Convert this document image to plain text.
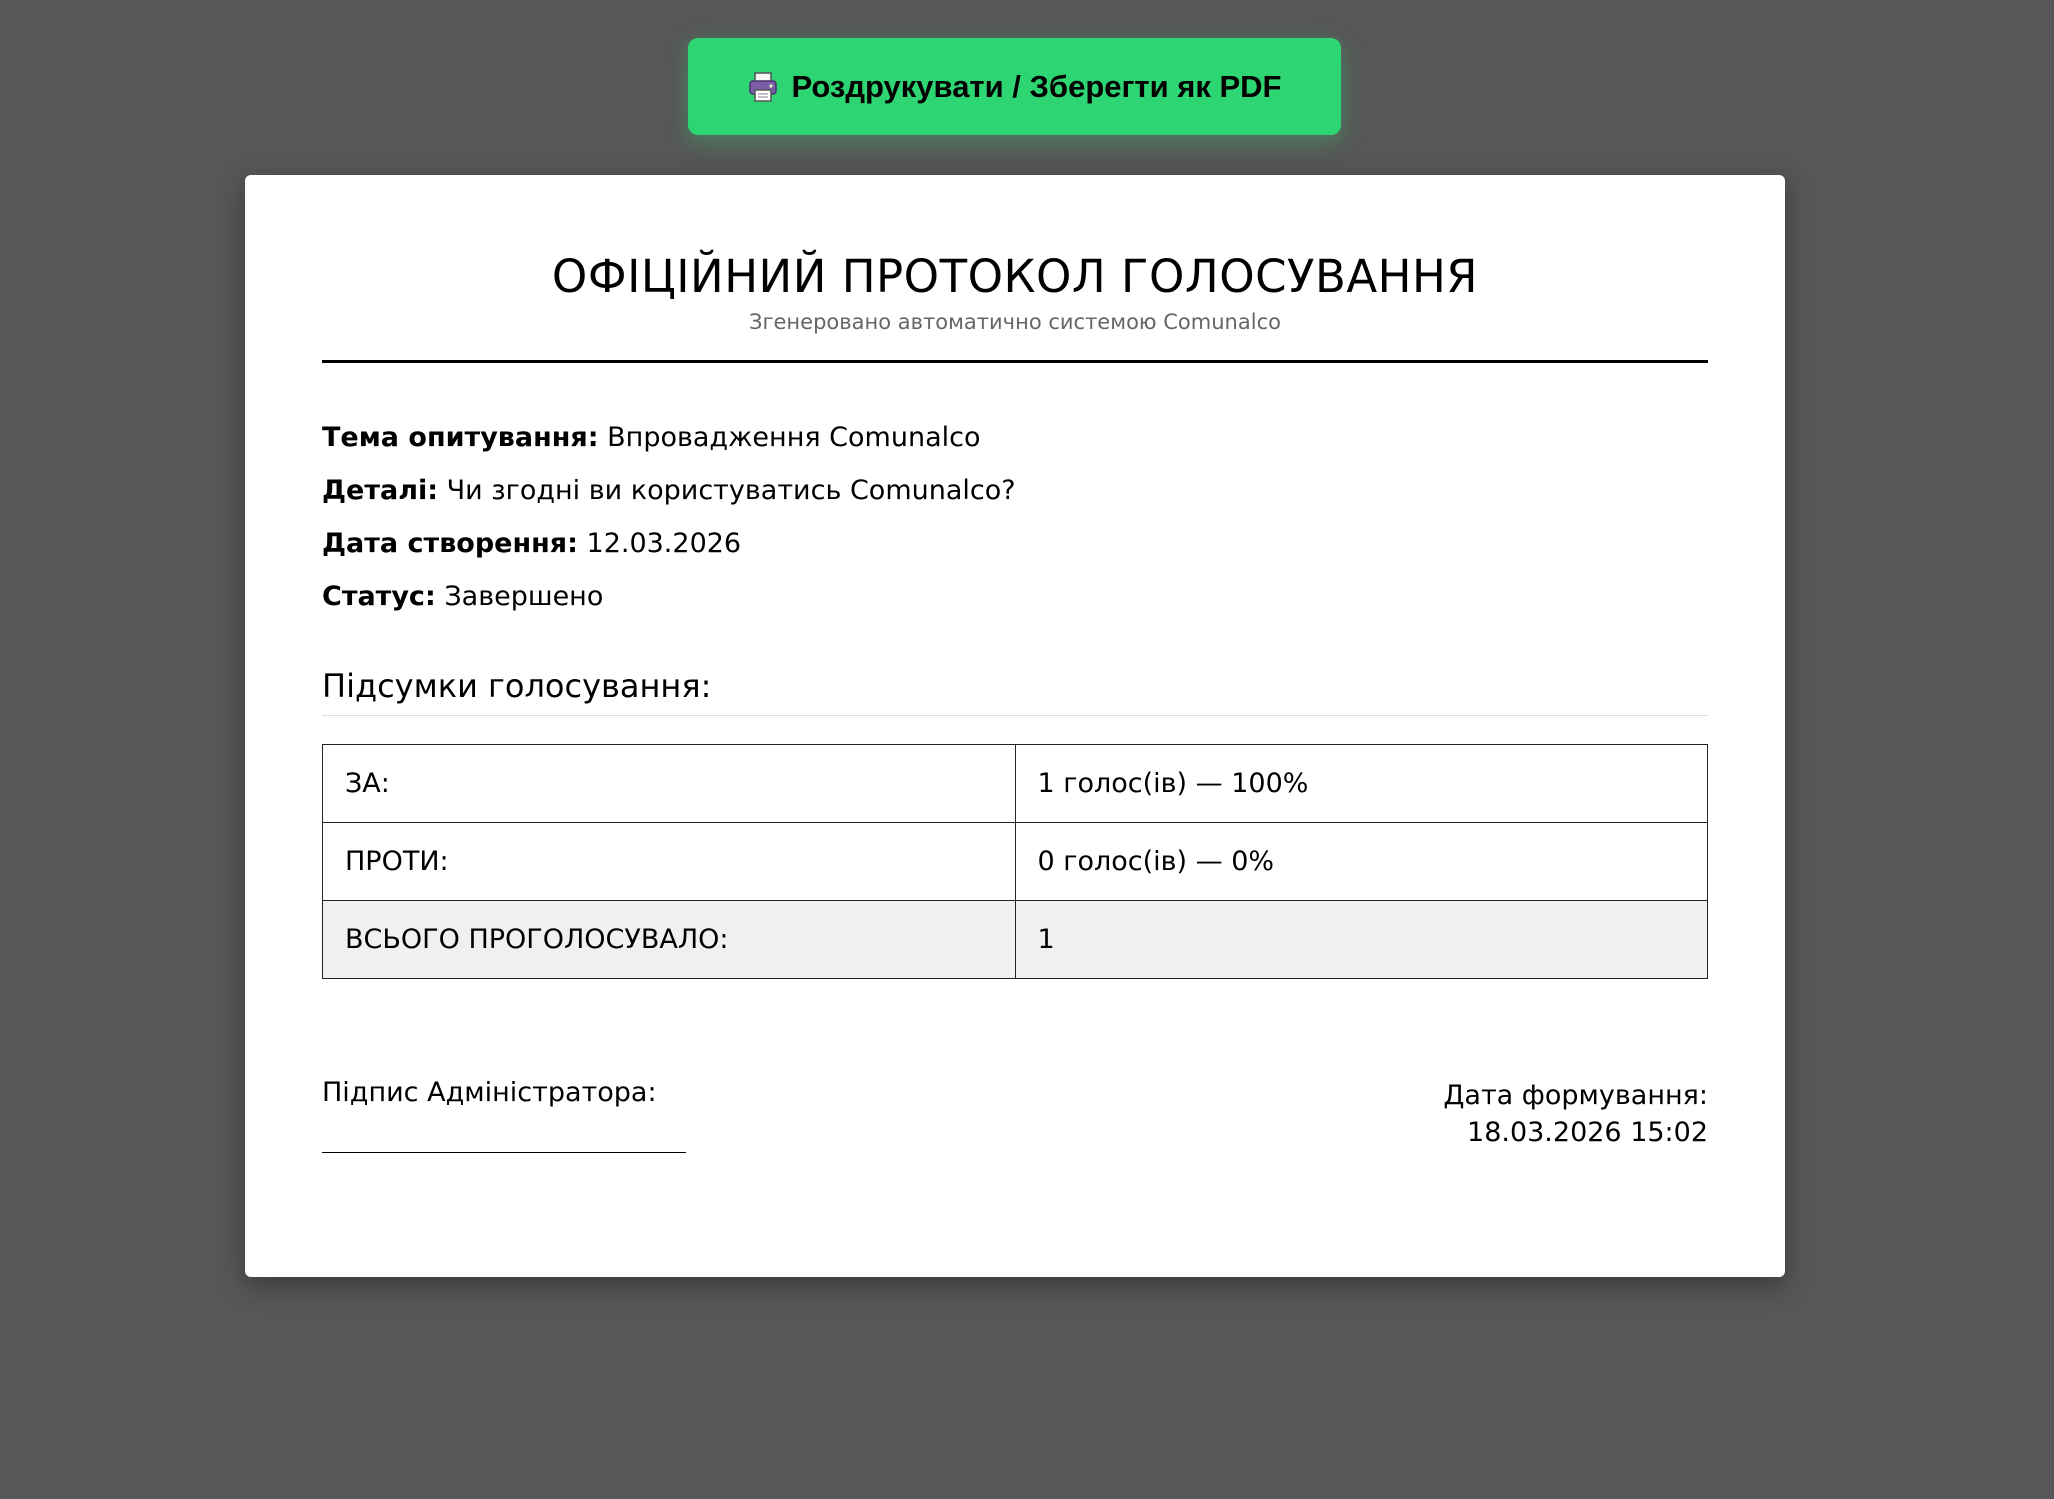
Роздрукувати / Зберегти як PDF
ОФІЦІЙНИЙ ПРОТОКОЛ ГОЛОСУВАННЯ
Згенеровано автоматично системою Comunalco
Тема опитування: Впровадження Comunalco
Деталі: Чи згодні ви користуватись Comunalco?
Дата створення: 12.03.2026
Статус: Завершено
Підсумки голосування:
ЗА:	1 голос(ів) — 100%
ПРОТИ:	0 голос(ів) — 0%
ВСЬОГО ПРОГОЛОСУВАЛО:	1
Підпис Адміністратора:	Дата формування:
18.03.2026 15:02
